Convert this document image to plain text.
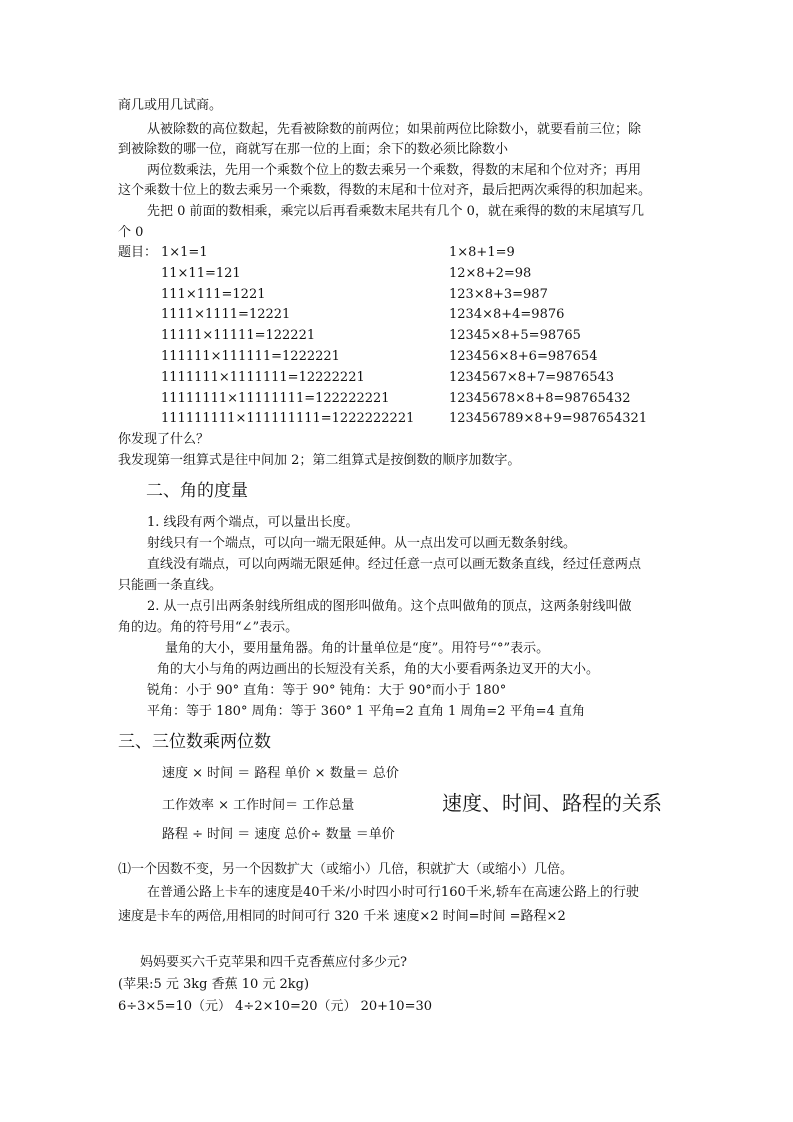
商几或用几试商。
从被除数的高位数起，先看被除数的前两位；如果前两位比除数小，就要看前三位；除
到被除数的哪一位，商就写在那一位的上面；余下的数必须比除数小
两位数乘法，先用一个乘数个位上的数去乘另一个乘数，得数的末尾和个位对齐；再用
这个乘数十位上的数去乘另一个乘数，得数的末尾和十位对齐，最后把两次乘得的积加起来。
先把 0 前面的数相乘，乘完以后再看乘数末尾共有几个 0，就在乘得的数的末尾填写几
个 0
题目： 1×1=1
11×11=121
111×111=1221
1111×1111=12221
11111×11111=122221
111111×111111=1222221
1111111×1111111=12222221
11111111×11111111=122222221
111111111×111111111=1222222221
1×8+1=9
12×8+2=98
123×8+3=987
1234×8+4=9876
12345×8+5=98765
123456×8+6=987654
1234567×8+7=9876543
12345678×8+8=98765432
123456789×8+9=987654321
你发现了什么？
我发现第一组算式是往中间加 2；第二组算式是按倒数的顺序加数字。
二、角的度量
1. 线段有两个端点，可以量出长度。
射线只有一个端点，可以向一端无限延伸。从一点出发可以画无数条射线。
直线没有端点，可以向两端无限延伸。经过任意一点可以画无数条直线，经过任意两点
只能画一条直线。
2. 从一点引出两条射线所组成的图形叫做角。这个点叫做角的顶点，这两条射线叫做
角的边。角的符号用“∠”表示。
量角的大小，要用量角器。角的计量单位是“度”。用符号“°”表示。
角的大小与角的两边画出的长短没有关系，角的大小要看两条边叉开的大小。
锐角：小于 90° 直角：等于 90° 钝角：大于 90°而小于 180°
平角：等于 180° 周角：等于 360° 1 平角=2 直角 1 周角=2 平角=4 直角
三、三位数乘两位数
速度 × 时间 ＝ 路程 单价 × 数量＝ 总价
工作效率 × 工作时间＝ 工作总量	速度、时间、路程的关系
路程 ÷ 时间 ＝ 速度 总价÷ 数量 ＝单价
⑴一个因数不变，另一个因数扩大（或缩小）几倍，积就扩大（或缩小）几倍。
在普通公路上卡车的速度是40千米/小时四小时可行160千米,轿车在高速公路上的行驶
速度是卡车的两倍,用相同的时间可行 320 千米 速度×2 时间=时间 =路程×2
妈妈要买六千克苹果和四千克香蕉应付多少元?
(苹果:5 元 3kg 香蕉 10 元 2kg)
6÷3×5=10（元） 4÷2×10=20（元） 20+10=30
